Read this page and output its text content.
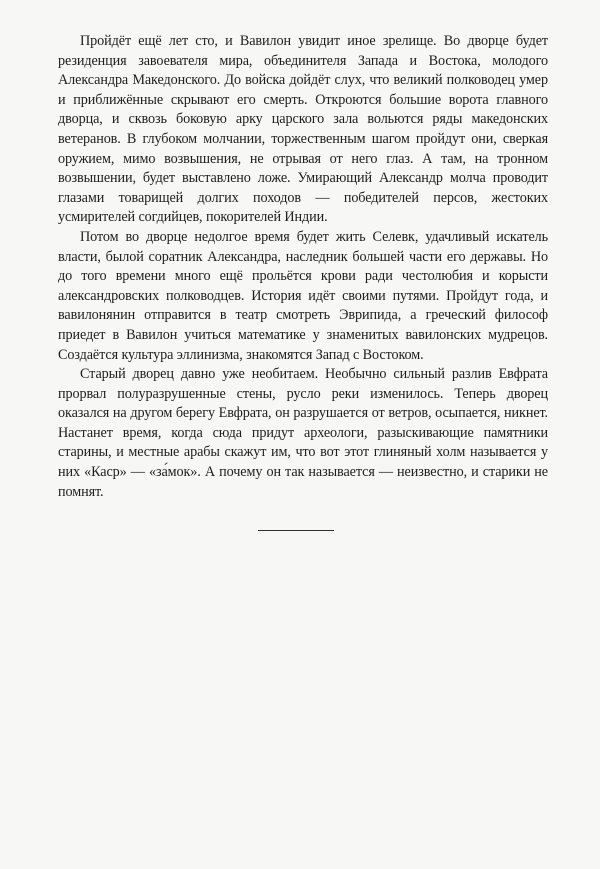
Пройдёт ещё лет сто, и Вавилон увидит иное зрелище. Во дворце будет резиденция завоевателя мира, объединителя Запада и Востока, молодого Александра Македонского. До войска дойдёт слух, что великий полководец умер и приближённые скрывают его смерть. Откроются большие ворота главного дворца, и сквозь боковую арку царского зала вольются ряды македонских ветеранов. В глубоком молчании, торжественным шагом пройдут они, сверкая оружием, мимо возвышения, не отрывая от него глаз. А там, на тронном возвышении, будет выставлено ложе. Умирающий Александр молча проводит глазами товарищей долгих походов — победителей персов, жестоких усмирителей согдийцев, покорителей Индии.

Потом во дворце недолгое время будет жить Селевк, удачливый искатель власти, былой соратник Александра, наследник большей части его державы. Но до того времени много ещё прольётся крови ради честолюбия и корысти александровских полководцев. История идёт своими путями. Пройдут года, и вавилонянин отправится в театр смотреть Эврипида, а греческий философ приедет в Вавилон учиться математике у знаменитых вавилонских мудрецов. Создаётся культура эллинизма, знакомятся Запад с Востоком.

Старый дворец давно уже необитаем. Необычно сильный разлив Евфрата прорвал полуразрушенные стены, русло реки изменилось. Теперь дворец оказался на другом берегу Евфрата, он разрушается от ветров, осыпается, никнет. Настанет время, когда сюда придут археологи, разыскивающие памятники старины, и местные арабы скажут им, что вот этот глиняный холм называется у них «Каср» — «за́мок». А почему он так называется — неизвестно, и старики не помнят.
